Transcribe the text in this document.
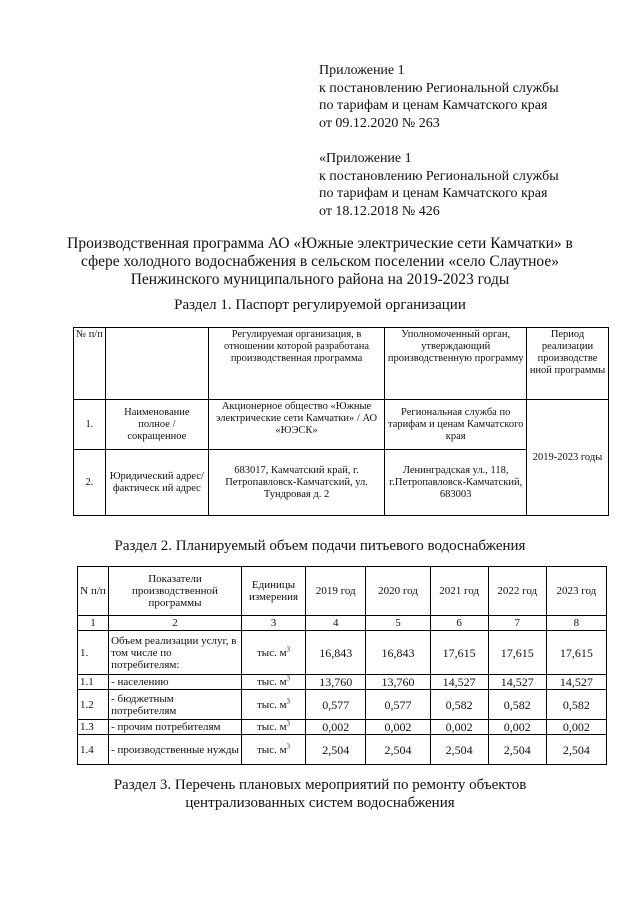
Приложение 1
к постановлению Региональной службы
по тарифам и ценам Камчатского края
от 09.12.2020 № 263
«Приложение 1
к постановлению Региональной службы
по тарифам и ценам Камчатского края
от 18.12.2018 № 426
Производственная программа АО «Южные электрические сети Камчатки» в
сфере холодного водоснабжения в сельском поселении «село Слаутное»
Пенжинского муниципального района на 2019-2023 годы
Раздел 1. Паспорт регулируемой организации
№ п/п		Регулируемая организация, в отношении которой разработана производственная программа	Уполномоченный орган, утверждающий производственную программу	Период реализации производстве нной программы
1.	Наименование полное / сокращенное	Акционерное общество «Южные электрические сети Камчатки» / АО «ЮЭСК»	Региональная служба по тарифам и ценам Камчатского края	2019-2023 годы
2.	Юридический адрес/фактическ ий адрес	683017, Камчатский край, г. Петропавловск-Камчатский, ул. Тундровая д. 2	Ленинградская ул., 118, г.Петропавловск-Камчатский, 683003	
Раздел 2. Планируемый объем подачи питьевого водоснабжения
N п/п	Показатели производственной программы	Единицы измерения	2019 год	2020 год	2021 год	2022 год	2023 год
1	2	3	4	5	6	7	8
1.	Объем реализации услуг, в том числе по потребителям:	тыс. $м^3$	16,843	16,843	17,615	17,615	17,615
1.1	- населению	тыс. $м^3$	13,760	13,760	14,527	14,527	14,527
1.2	- бюджетным потребителям	тыс. $м^3$	0,577	0,577	0,582	0,582	0,582
1.3	- прочим потребителям	тыс. $м^3$	0,002	0,002	0,002	0,002	0,002
1.4	- производственные нужды	тыс. $м^3$	2,504	2,504	2,504	2,504	2,504
Раздел 3. Перечень плановых мероприятий по ремонту объектов
централизованных систем водоснабжения
